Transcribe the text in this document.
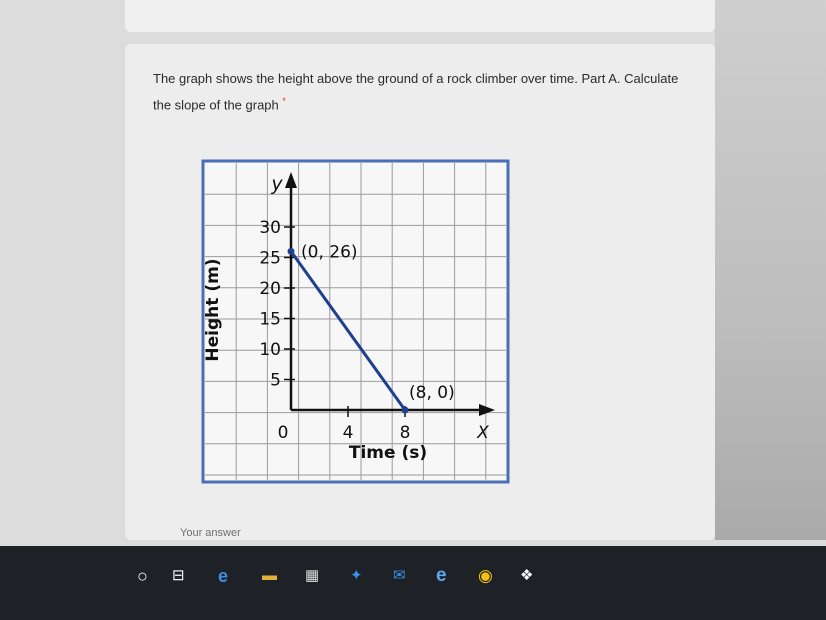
The graph shows the height above the ground of a rock climber over time. Part A. Calculate the slope of the graph *
5
10
15
20
25
30
0	4	8
(0, 26)
(8, 0)
Time (s)
Height (m)
y
X
Your answer
○ ⊟ e ▬ ▦ ✦ ✉ e ◉ ❖
